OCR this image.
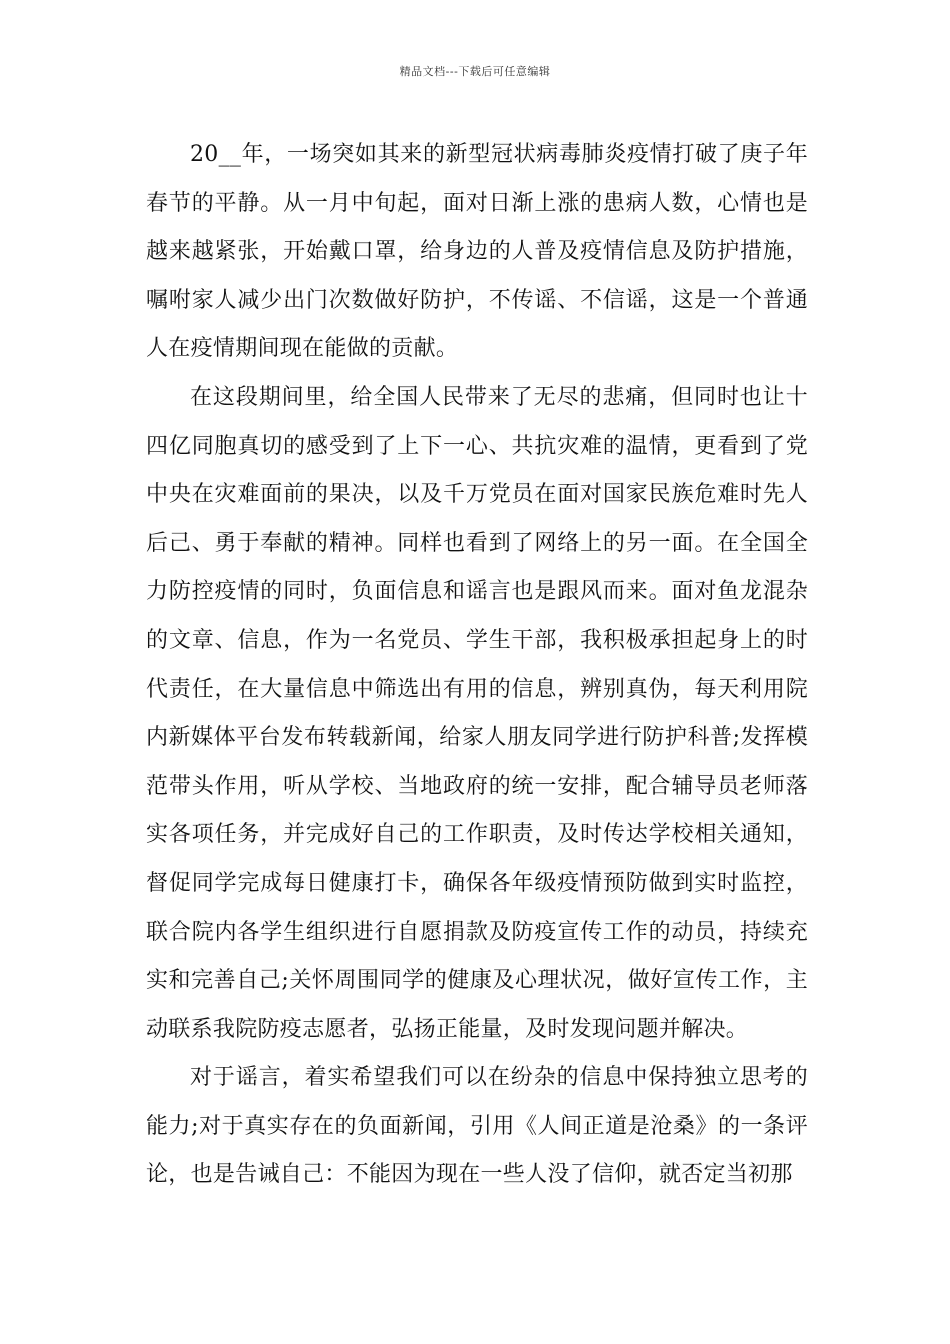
精品文档---下载后可任意编辑

20__年，一场突如其来的新型冠状病毒肺炎疫情打破了庚子年春节的平静。从一月中旬起，面对日渐上涨的患病人数，心情也是越来越紧张，开始戴口罩，给身边的人普及疫情信息及防护措施，嘱咐家人减少出门次数做好防护，不传谣、不信谣，这是一个普通人在疫情期间现在能做的贡献。

在这段期间里，给全国人民带来了无尽的悲痛，但同时也让十四亿同胞真切的感受到了上下一心、共抗灾难的温情，更看到了党中央在灾难面前的果决，以及千万党员在面对国家民族危难时先人后己、勇于奉献的精神。同样也看到了网络上的另一面。在全国全力防控疫情的同时，负面信息和谣言也是跟风而来。面对鱼龙混杂的文章、信息，作为一名党员、学生干部，我积极承担起身上的时代责任，在大量信息中筛选出有用的信息，辨别真伪，每天利用院内新媒体平台发布转载新闻，给家人朋友同学进行防护科普;发挥模范带头作用，听从学校、当地政府的统一安排，配合辅导员老师落实各项任务，并完成好自己的工作职责，及时传达学校相关通知，督促同学完成每日健康打卡，确保各年级疫情预防做到实时监控，联合院内各学生组织进行自愿捐款及防疫宣传工作的动员，持续充实和完善自己;关怀周围同学的健康及心理状况，做好宣传工作，主动联系我院防疫志愿者，弘扬正能量，及时发现问题并解决。

对于谣言，着实希望我们可以在纷杂的信息中保持独立思考的能力;对于真实存在的负面新闻，引用《人间正道是沧桑》的一条评论，也是告诫自己：不能因为现在一些人没了信仰，就否定当初那
